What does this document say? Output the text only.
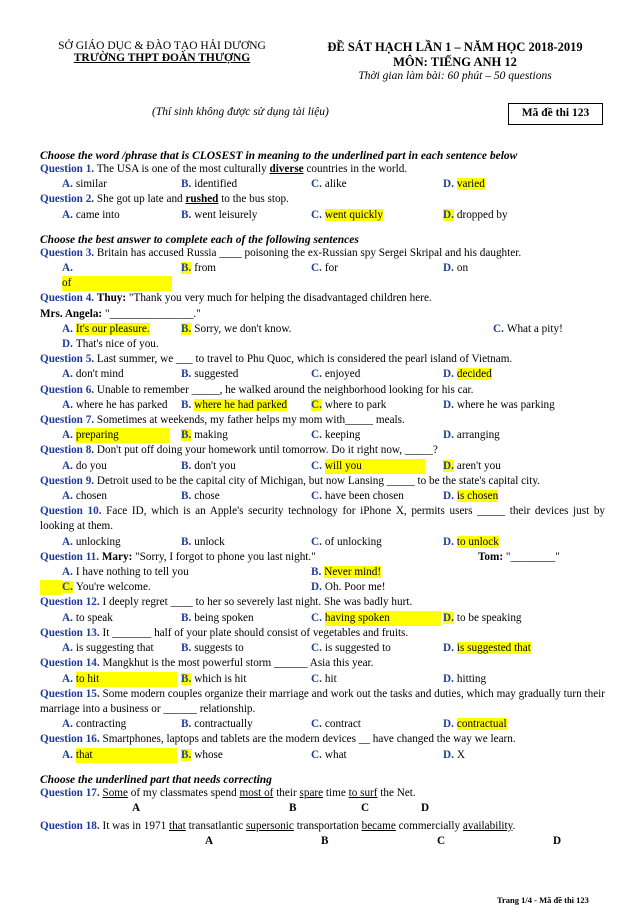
SỞ GIÁO DỤC & ĐÀO TẠO HẢI DƯƠNG
TRƯỜNG THPT ĐOÀN THƯỢNG
ĐỀ SÁT HẠCH LẦN 1 – NĂM HỌC 2018-2019
MÔN: TIẾNG ANH 12
Thời gian làm bài: 60 phút – 50 questions
(Thí sinh không được sử dụng tài liệu)	Mã đề thi 123
Choose the word /phrase that is CLOSEST in meaning to the underlined part in each sentence below
Question 1. The USA is one of the most culturally diverse countries in the world.
A. similar	B. identified	C. alike	D. varied
Question 2. She got up late and rushed to the bus stop.
A. came into	B. went leisurely	C. went quickly	D. dropped by
Choose the best answer to complete each of the following sentences
Question 3. Britain has accused Russia ____ poisoning the ex-Russian spy Sergei Skripal and his daughter.
A.of
B. from	C. for	D. on
Question 4. Thuy: "Thank you very much for helping the disadvantaged children here.
Mrs. Angela: "_______________."
A. It's our pleasure.	B. Sorry, we don't know.	C. What a pity!
D. That's nice of you.
Question 5. Last summer, we ___ to travel to Phu Quoc, which is considered the pearl island of Vietnam.
A. don't mind	B. suggested	C. enjoyed	D. decided
Question 6. Unable to remember _____, he walked around the neighborhood looking for his car.
A. where he has parked	B. where he had parked	C. where to park	D. where he was parking
Question 7. Sometimes at weekends, my father helps my mom with_____ meals.
A. preparing	B. making	C. keeping	D. arranging
Question 8. Don't put off doing your homework until tomorrow. Do it right now, _____?
A. do you	B. don't you	C. will you	D. aren't you
Question 9. Detroit used to be the capital city of Michigan, but now Lansing _____ to be the state's capital city.
A. chosen	B. chose	C. have been chosen	D. is chosen
Question 10. Face ID, which is an Apple's security technology for iPhone X, permits users _____ their devices just by looking at them.
A. unlocking	B. unlock	C. of unlocking	D. to unlock
Question 11. Mary: "Sorry, I forgot to phone you last night."	Tom: "________"
A. I have nothing to tell you	B. Never mind!
C. You're welcome.	D. Oh. Poor me!
Question 12. I deeply regret ____ to her so severely last night. She was badly hurt.
A. to speak	B. being spoken	C. having spoken	D. to be speaking
Question 13. It _______ half of your plate should consist of vegetables and fruits.
A. is suggesting that	B. suggests to	C. is suggested to	D. is suggested that
Question 14. Mangkhut is the most powerful storm ______ Asia this year.
A. to hit	B. which is hit	C. hit	D. hitting
Question 15. Some modern couples organize their marriage and work out the tasks and duties, which may gradually turn their marriage into a business or ______ relationship.
A. contracting	B. contractually	C. contract	D. contractual
Question 16. Smartphones, laptops and tablets are the modern devices __ have changed the way we learn.
A. that	B. whose	C. what	D. X
Choose the underlined part that needs correcting
Question 17. Some of my classmates spend most of their spare time to surf the Net.
A	B	C	D
Question 18. It was in 1971 that transatlantic supersonic transportation became commercially availability.
A	B	C	D
Trang 1/4 - Mã đề thi 123
